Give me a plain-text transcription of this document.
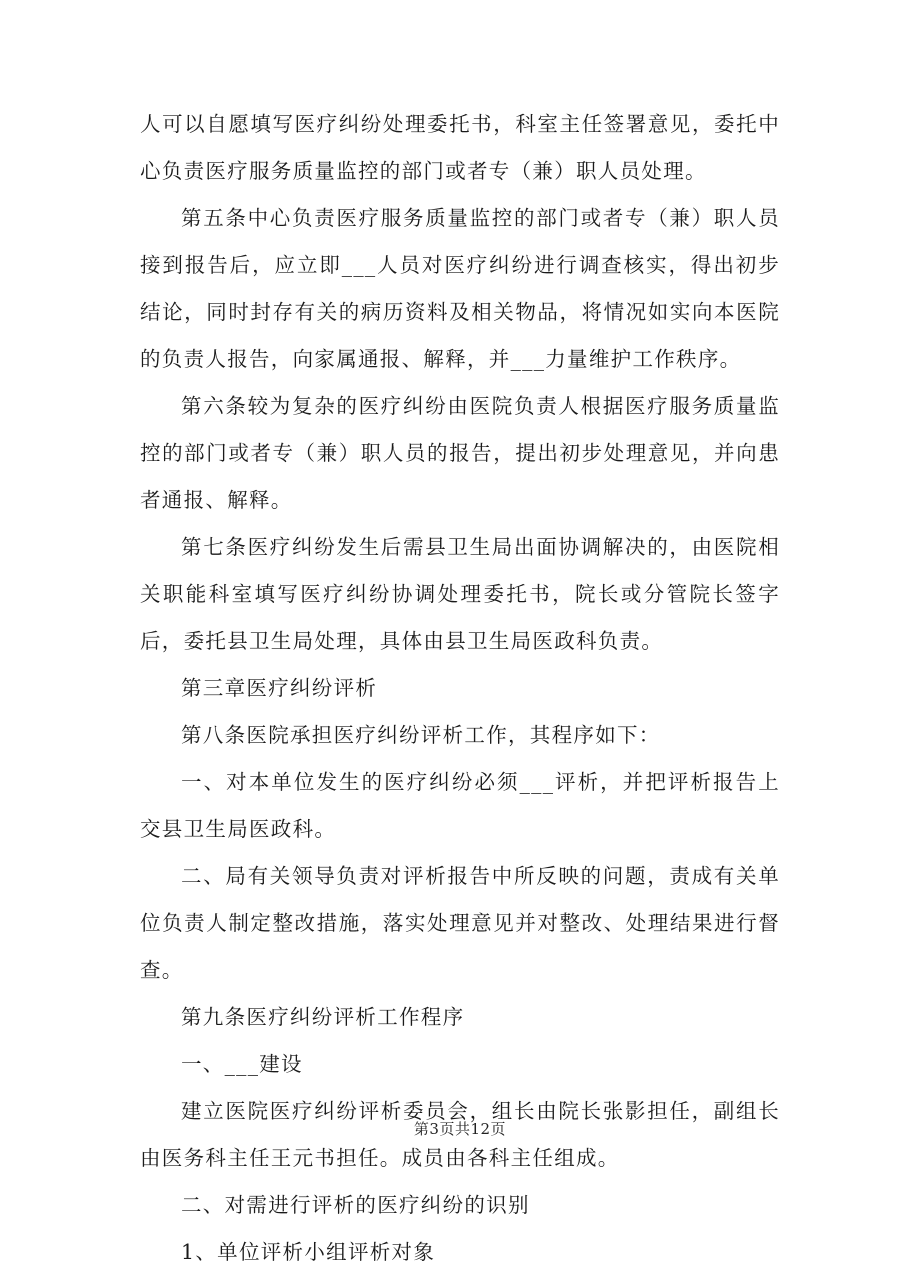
人可以自愿填写医疗纠纷处理委托书，科室主任签署意见，委托中心负责医疗服务质量监控的部门或者专（兼）职人员处理。

第五条中心负责医疗服务质量监控的部门或者专（兼）职人员接到报告后，应立即___人员对医疗纠纷进行调查核实，得出初步结论，同时封存有关的病历资料及相关物品，将情况如实向本医院的负责人报告，向家属通报、解释，并___力量维护工作秩序。

第六条较为复杂的医疗纠纷由医院负责人根据医疗服务质量监控的部门或者专（兼）职人员的报告，提出初步处理意见，并向患者通报、解释。

第七条医疗纠纷发生后需县卫生局出面协调解决的，由医院相关职能科室填写医疗纠纷协调处理委托书，院长或分管院长签字后，委托县卫生局处理，具体由县卫生局医政科负责。

第三章医疗纠纷评析

第八条医院承担医疗纠纷评析工作，其程序如下：

一、对本单位发生的医疗纠纷必须___评析，并把评析报告上交县卫生局医政科。

二、局有关领导负责对评析报告中所反映的问题，责成有关单位负责人制定整改措施，落实处理意见并对整改、处理结果进行督查。

第九条医疗纠纷评析工作程序

一、___建设

建立医院医疗纠纷评析委员会，组长由院长张影担任，副组长由医务科主任王元书担任。成员由各科主任组成。

二、对需进行评析的医疗纠纷的识别

1、单位评析小组评析对象

第3页共12页
